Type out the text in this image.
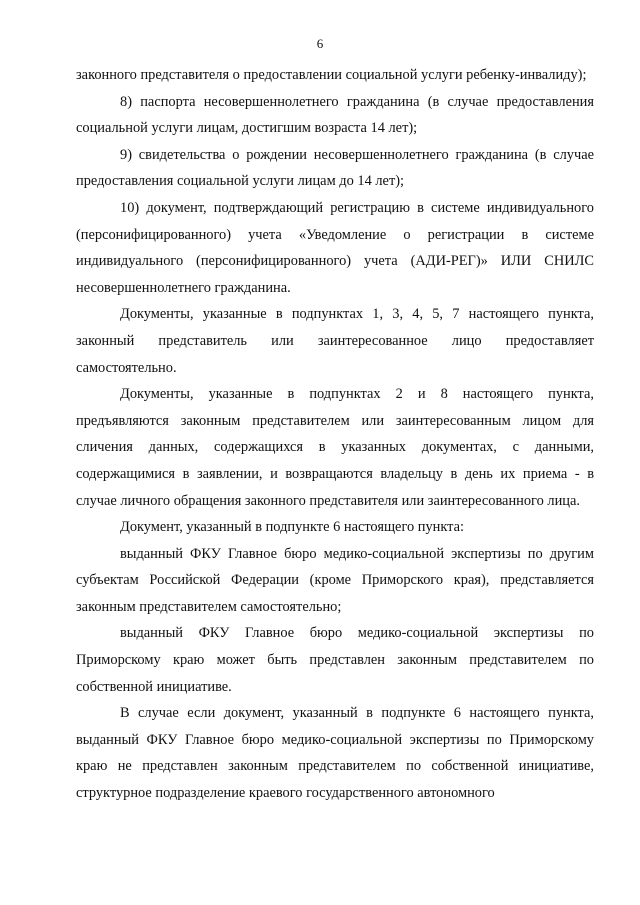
6

законного представителя о предоставлении социальной услуги ребенку-инвалиду);

8) паспорта несовершеннолетнего гражданина (в случае предоставления социальной услуги лицам, достигшим возраста 14 лет);

9) свидетельства о рождении несовершеннолетнего гражданина (в случае предоставления социальной услуги лицам до 14 лет);

10) документ, подтверждающий регистрацию в системе индивидуального (персонифицированного) учета «Уведомление о регистрации в системе индивидуального (персонифицированного) учета (АДИ-РЕГ)» ИЛИ СНИЛС несовершеннолетнего гражданина.

Документы, указанные в подпунктах 1, 3, 4, 5, 7 настоящего пункта, законный представитель или заинтересованное лицо предоставляет самостоятельно.

Документы, указанные в подпунктах 2 и 8 настоящего пункта, предъявляются законным представителем или заинтересованным лицом для сличения данных, содержащихся в указанных документах, с данными, содержащимися в заявлении, и возвращаются владельцу в день их приема - в случае личного обращения законного представителя или заинтересованного лица.

Документ, указанный в подпункте 6 настоящего пункта:

выданный ФКУ Главное бюро медико-социальной экспертизы по другим субъектам Российской Федерации (кроме Приморского края), представляется законным представителем самостоятельно;

выданный ФКУ Главное бюро медико-социальной экспертизы по Приморскому краю может быть представлен законным представителем по собственной инициативе.

В случае если документ, указанный в подпункте 6 настоящего пункта, выданный ФКУ Главное бюро медико-социальной экспертизы по Приморскому краю не представлен законным представителем по собственной инициативе, структурное подразделение краевого государственного автономного
